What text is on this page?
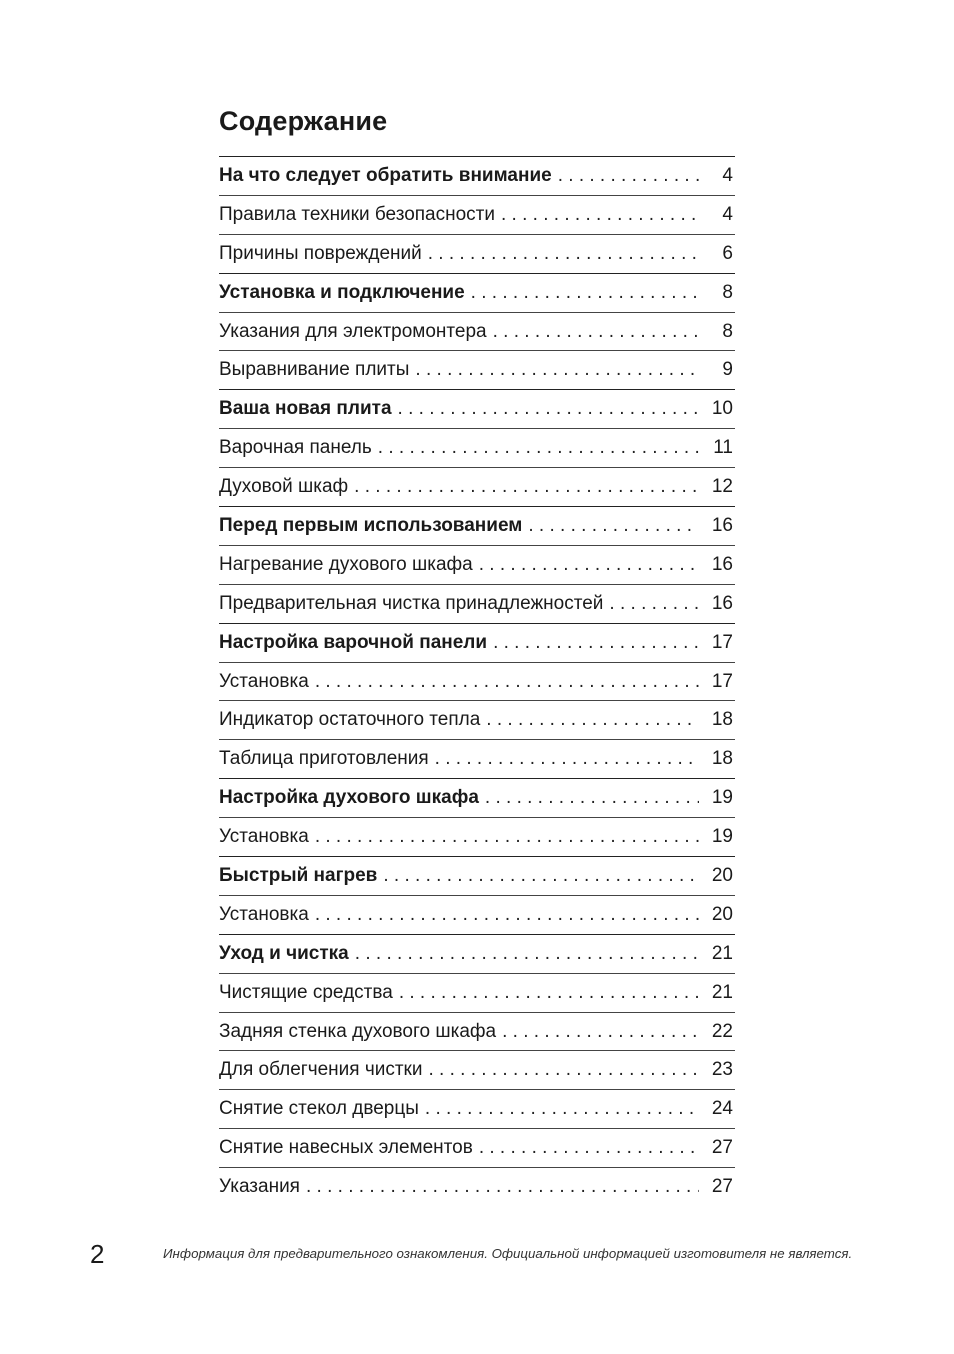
Содержание
На что следует обратить внимание . . .	4
Правила техники безопасности . . .	4
Причины повреждений . . .	6
Установка и подключение . . .	8
Указания для электромонтера . . .	8
Выравнивание плиты . . .	9
Ваша новая плита . . .	10
Варочная панель . . .	11
Духовой шкаф . . .	12
Перед первым использованием . . .	16
Нагревание духового шкафа . . .	16
Предварительная чистка принадлежностей . . .	16
Настройка варочной панели . . .	17
Установка . . .	17
Индикатор остаточного тепла . . .	18
Таблица приготовления . . .	18
Настройка духового шкафа . . .	19
Установка . . .	19
Быстрый нагрев . . .	20
Установка . . .	20
Уход и чистка . . .	21
Чистящие средства . . .	21
Задняя стенка духового шкафа . . .	22
Для облегчения чистки . . .	23
Снятие стекол дверцы . . .	24
Снятие навесных элементов . . .	27
Указания . . .	27
2	Информация для предварительного ознакомления. Официальной информацией изготовителя не является.
